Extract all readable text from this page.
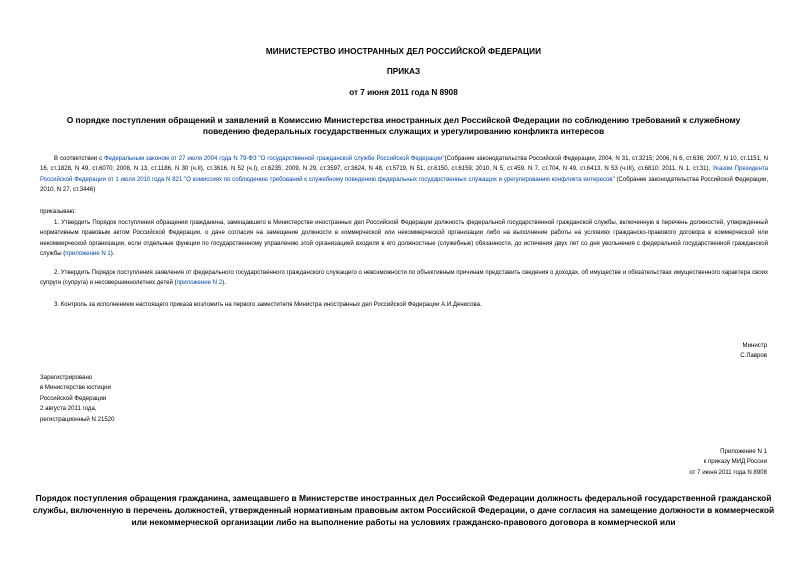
МИНИСТЕРСТВО ИНОСТРАННЫХ ДЕЛ РОССИЙСКОЙ ФЕДЕРАЦИИ
ПРИКАЗ
от 7 июня 2011 года N 8908
О порядке поступления обращений и заявлений в Комиссию Министерства иностранных дел Российской Федерации по соблюдению требований к служебному поведению федеральных государственных служащих и урегулированию конфликта интересов
В соответствии с Федеральным законом от 27 июля 2004 года N 79-ФЗ "О государственной гражданской службе Российской Федерации"(Собрание законодательства Российской Федерации, 2004, N 31, ст.3215; 2006, N 6, ст.636; 2007, N 10, ст.1151, N 16, ст.1828, N 49, ст.6070; 2008, N 13, ст.1186, N 30 (ч.II), ст.3616, N 52 (ч.I), ст.6235; 2009, N 29, ст.3597, ст.3624, N 48, ст.5719, N 51, ст.6150, ст.6159; 2010, N 5, ст.459, N 7, ст.704, N 49, ст.6413, N 53 (ч.III), ст.6810; 2011, N 1, ст.31), Указом Президента Российской Федерации от 1 июля 2010 года N 821 "О комиссиях по соблюдению требований к служебному поведению федеральных государственных служащих и урегулированию конфликта интересов" (Собрание законодательства Российской Федерации, 2010, N 27, ст.3446)
приказываю:
1. Утвердить Порядок поступления обращения гражданина, замещавшего в Министерстве иностранных дел Российской Федерации должность федеральной государственной гражданской службы, включенную в перечень должностей, утвержденный нормативным правовым актом Российской Федерации, о даче согласия на замещение должности в коммерческой или некоммерческой организации либо на выполнение работы на условиях гражданско-правового договора в коммерческой или некоммерческой организации, если отдельные функции по государственному управлению этой организацией входили в его должностные (служебные) обязанности, до истечения двух лет со дня увольнения с федеральной государственной гражданской службы (приложение N 1).
2. Утвердить Порядок поступления заявления от федерального государственного гражданского служащего о невозможности по объективным причинам представить сведения о доходах, об имуществе и обязательствах имущественного характера своих супруги (супруга) и несовершеннолетних детей (приложение N 2).
3. Контроль за исполнением настоящего приказа возложить на первого заместителя Министра иностранных дел Российской Федерации А.И.Денисова.
Министр
С.Лавров
Зарегистрировано
в Министерстве юстиции
Российской Федерации
2 августа 2011 года,
регистрационный N 21520
Приложение N 1
к приказу МИД России
от 7 июня 2011 года N 8908
Порядок поступления обращения гражданина, замещавшего в Министерстве иностранных дел Российской Федерации должность федеральной государственной гражданской службы, включенную в перечень должностей, утвержденный нормативным правовым актом Российской Федерации, о даче согласия на замещение должности в коммерческой или некоммерческой организации либо на выполнение работы на условиях гражданско-правового договора в коммерческой или
